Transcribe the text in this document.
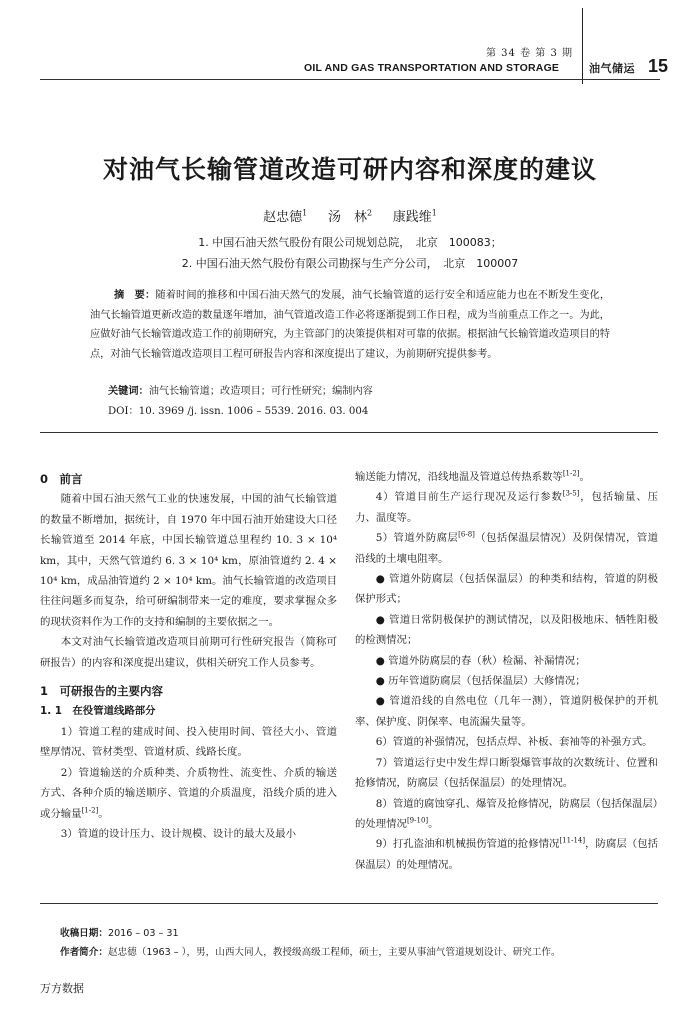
第 34 卷 第 3 期
OIL AND GAS TRANSPORTATION AND STORAGE	油气储运 15
对油气长输管道改造可研内容和深度的建议
赵忠德$^1$ 汤　林$^2$ 康践维$^1$
1. 中国石油天然气股份有限公司规划总院，　北京　100083；
2. 中国石油天然气股份有限公司勘探与生产分公司，　北京　100007
摘　要：随着时间的推移和中国石油天然气的发展，油气长输管道的运行安全和适应能力也在不断发生变化，油气长输管道更新改造的数量逐年增加，油气管道改造工作必将逐渐提到工作日程，成为当前重点工作之一。为此，应做好油气长输管道改造工作的前期研究，为主管部门的决策提供相对可靠的依据。根据油气长输管道改造项目的特点，对油气长输管道改造项目工程可研报告内容和深度提出了建议，为前期研究提供参考。
关键词：油气长输管道；改造项目；可行性研究；编制内容
DOI：10. 3969 /j. issn. 1006 – 5539. 2016. 03. 004

0　前言

随着中国石油天然气工业的快速发展，中国的油气长输管道的数量不断增加，据统计，自 1970 年中国石油开始建设大口径长输管道至 2014 年底，中国长输管道总里程约 10. 3 × 10⁴ km，其中，天然气管道约 6. 3 × 10⁴ km，原油管道约 2. 4 × 10⁴ km，成品油管道约 2 × 10⁴ km。油气长输管道的改造项目往往问题多而复杂，给可研编制带来一定的难度，要求掌握众多的现状资料作为工作的支持和编制的主要依据之一。

本文对油气长输管道改造项目前期可行性研究报告（简称可研报告）的内容和深度提出建议，供相关研究工作人员参考。

1　可研报告的主要内容

1. 1　在役管道线路部分

1）管道工程的建成时间、投入使用时间、管径大小、管道壁厚情况、管材类型、管道材质、线路长度。

2）管道输送的介质种类、介质物性、流变性、介质的输送方式、各种介质的输送顺序、管道的介质温度，沿线介质的进入或分输量[1-2]。

3）管道的设计压力、设计规模、设计的最大及最小

输送能力情况，沿线地温及管道总传热系数等[1-2]。

4）管道目前生产运行现况及运行参数[3-5]，包括输量、压力、温度等。

5）管道外防腐层[6-8]（包括保温层情况）及阴保情况，管道沿线的土壤电阻率。

● 管道外防腐层（包括保温层）的种类和结构，管道的阴极保护形式；

● 管道日常阴极保护的测试情况，以及阳极地床、牺牲阳极的检测情况；

● 管道外防腐层的春（秋）检漏、补漏情况；

● 历年管道防腐层（包括保温层）大修情况；

● 管道沿线的自然电位（几年一测），管道阴极保护的开机率、保护度、阴保率、电流漏失量等。

6）管道的补强情况，包括点焊、补板、套袖等的补强方式。

7）管道运行史中发生焊口断裂爆管事故的次数统计、位置和抢修情况，防腐层（包括保温层）的处理情况。

8）管道的腐蚀穿孔、爆管及抢修情况，防腐层（包括保温层）的处理情况[9-10]。

9）打孔盗油和机械损伤管道的抢修情况[11-14]，防腐层（包括保温层）的处理情况。

收稿日期：2016 – 03 – 31
作者简介：赵忠德（1963 – ），男，山西大同人，教授级高级工程师，硕士，主要从事油气管道规划设计、研究工作。
万方数据
